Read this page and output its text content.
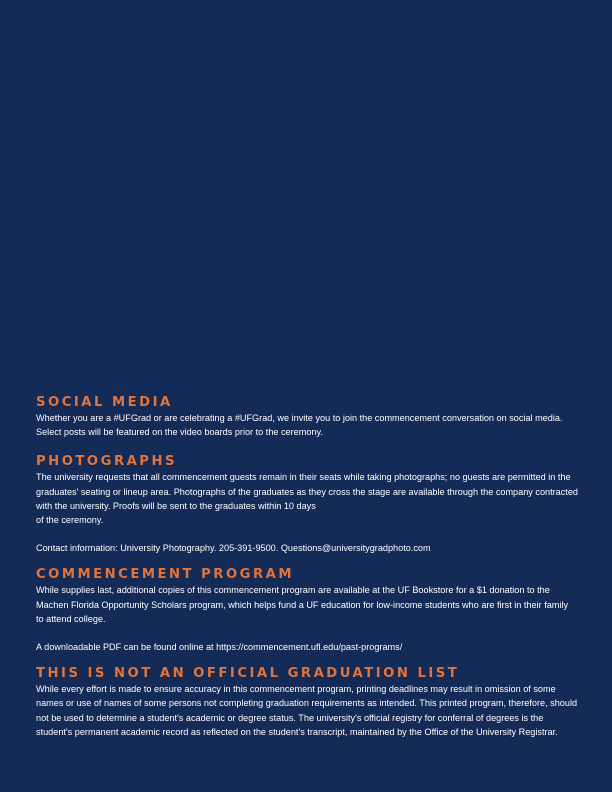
SOCIAL MEDIA

Whether you are a #UFGrad or are celebrating a #UFGrad, we invite you to join the commencement conversation on social media. Select posts will be featured on the video boards prior to the ceremony.

PHOTOGRAPHS

The university requests that all commencement guests remain in their seats while taking photographs; no guests are permitted in the graduates' seating or lineup area. Photographs of the graduates as they cross the stage are available through the company contracted with the university. Proofs will be sent to the graduates within 10 days

of the ceremony.

Contact information: University Photography. 205-391-9500. Questions@universitygradphoto.com

COMMENCEMENT PROGRAM

While supplies last, additional copies of this commencement program are available at the UF Bookstore for a $1 donation to the Machen Florida Opportunity Scholars program, which helps fund a UF education for low-income students who are first in their family to attend college.

A downloadable PDF can be found online at https://commencement.ufl.edu/past-programs/

THIS IS NOT AN OFFICIAL GRADUATION LIST

While every effort is made to ensure accuracy in this commencement program, printing deadlines may result in omission of some names or use of names of some persons not completing graduation requirements as intended. This printed program, therefore, should not be used to determine a student's academic or degree status. The university's official registry for conferral of degrees is the student's permanent academic record as reflected on the student's transcript, maintained by the Office of the University Registrar.
